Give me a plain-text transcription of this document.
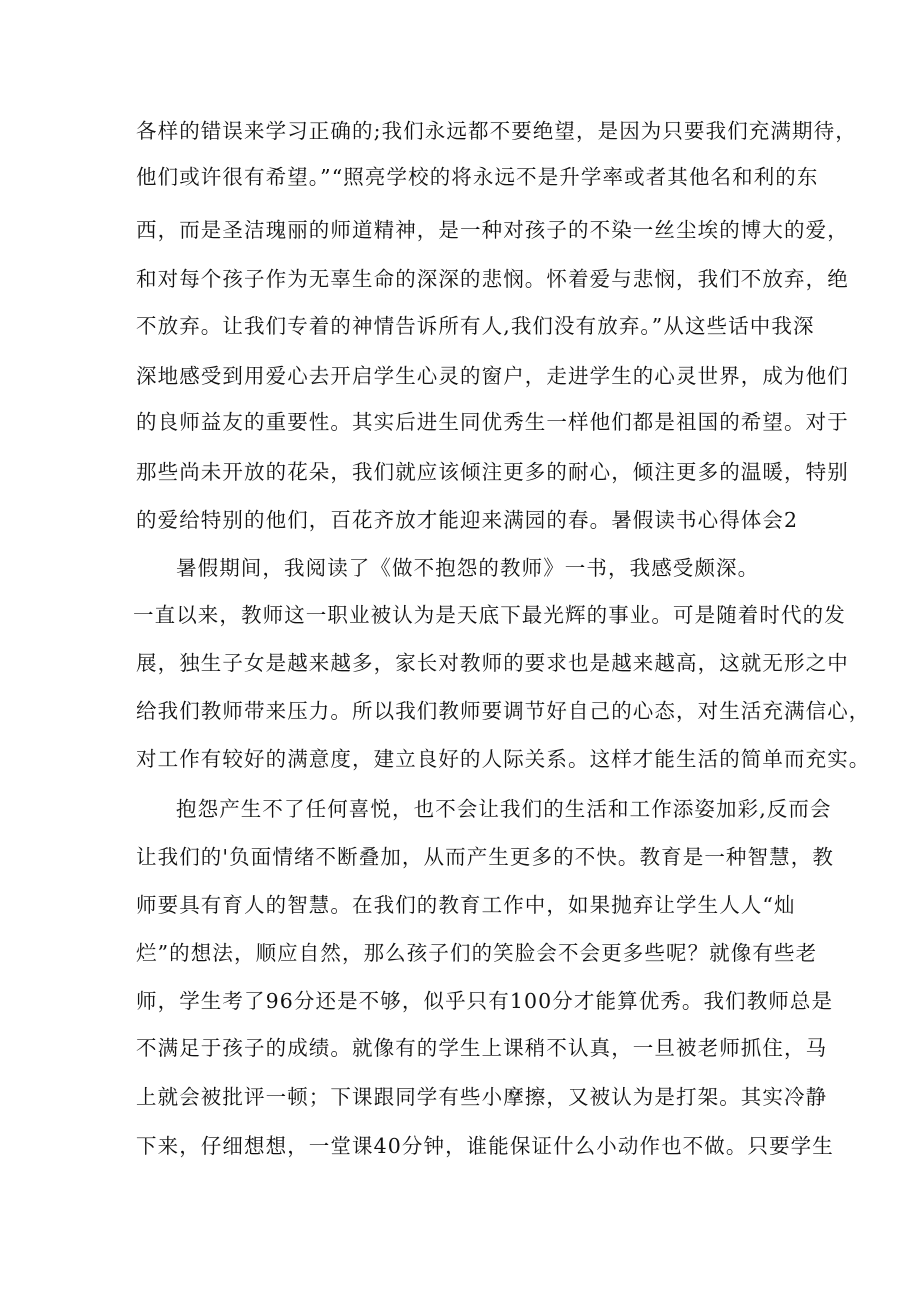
各样的错误来学习正确的;我们永远都不要绝望，是因为只要我们充满期待，
他们或许很有希望。”“照亮学校的将永远不是升学率或者其他名和利的东
西，而是圣洁瑰丽的师道精神，是一种对孩子的不染一丝尘埃的博大的爱，
和对每个孩子作为无辜生命的深深的悲悯。怀着爱与悲悯，我们不放弃，绝
不放弃。让我们专着的神情告诉所有人,我们没有放弃。”从这些话中我深
深地感受到用爱心去开启学生心灵的窗户，走进学生的心灵世界，成为他们
的良师益友的重要性。其实后进生同优秀生一样他们都是祖国的希望。对于
那些尚未开放的花朵，我们就应该倾注更多的耐心，倾注更多的温暖，特别
的爱给特别的他们，百花齐放才能迎来满园的春。暑假读书心得体会2
暑假期间，我阅读了《做不抱怨的教师》一书，我感受颇深。
一直以来，教师这一职业被认为是天底下最光辉的事业。可是随着时代的发
展，独生子女是越来越多，家长对教师的要求也是越来越高，这就无形之中
给我们教师带来压力。所以我们教师要调节好自己的心态，对生活充满信心，
对工作有较好的满意度，建立良好的人际关系。这样才能生活的简单而充实。
抱怨产生不了任何喜悦，也不会让我们的生活和工作添姿加彩,反而会
让我们的'负面情绪不断叠加，从而产生更多的不快。教育是一种智慧，教
师要具有育人的智慧。在我们的教育工作中，如果抛弃让学生人人“灿
烂”的想法，顺应自然，那么孩子们的笑脸会不会更多些呢？就像有些老
师，学生考了96分还是不够，似乎只有100分才能算优秀。我们教师总是
不满足于孩子的成绩。就像有的学生上课稍不认真，一旦被老师抓住，马
上就会被批评一顿；下课跟同学有些小摩擦，又被认为是打架。其实冷静
下来，仔细想想，一堂课40分钟，谁能保证什么小动作也不做。只要学生
